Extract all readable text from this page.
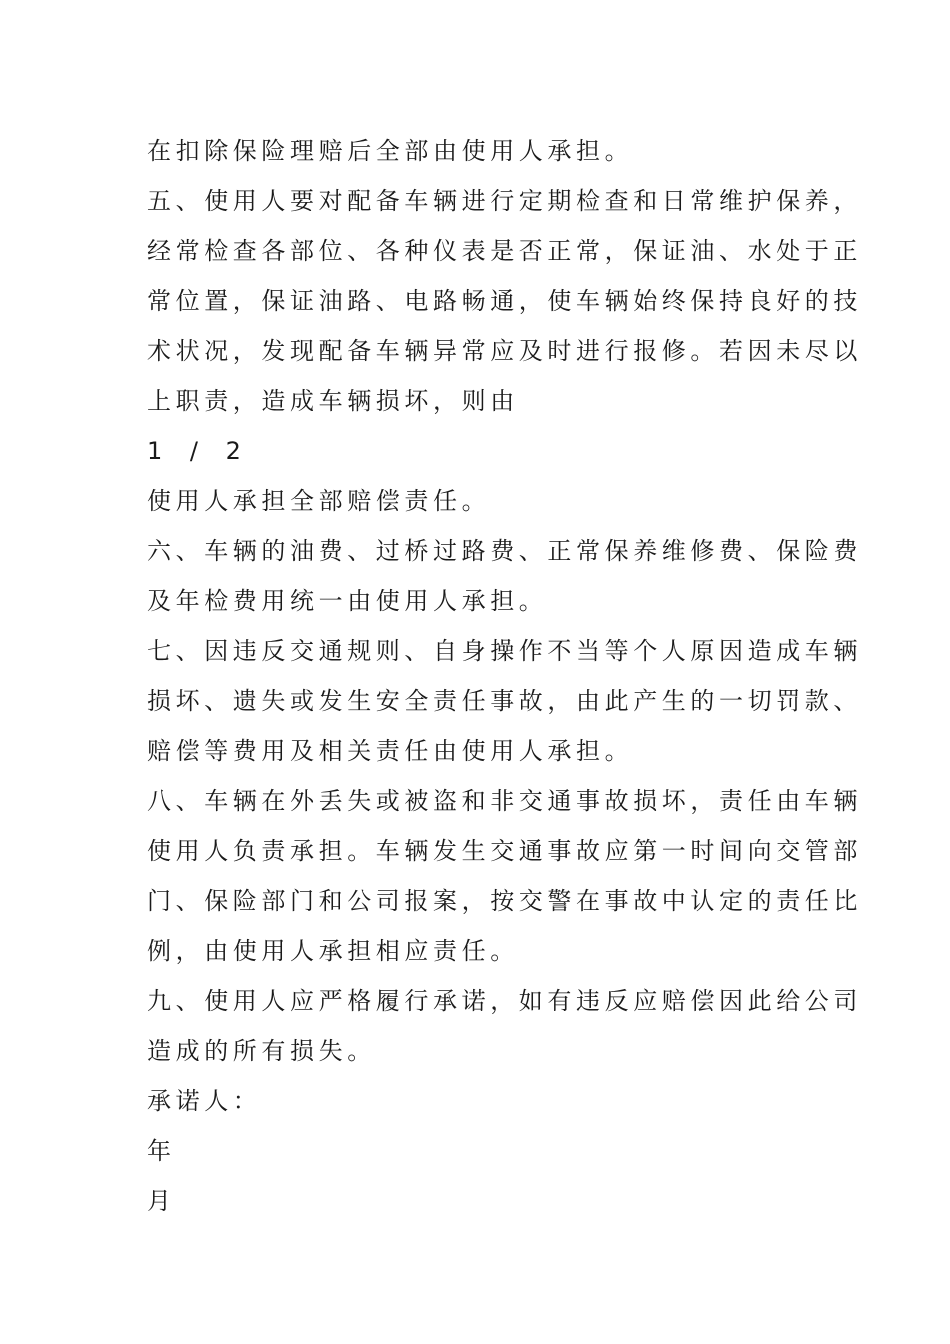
在扣除保险理赔后全部由使用人承担。
五、使用人要对配备车辆进行定期检查和日常维护保养，
经常检查各部位、各种仪表是否正常，保证油、水处于正
常位置，保证油路、电路畅通，使车辆始终保持良好的技
术状况，发现配备车辆异常应及时进行报修。若因未尽以
上职责，造成车辆损坏，则由
1 / 2
使用人承担全部赔偿责任。
六、车辆的油费、过桥过路费、正常保养维修费、保险费
及年检费用统一由使用人承担。
七、因违反交通规则、自身操作不当等个人原因造成车辆
损坏、遗失或发生安全责任事故，由此产生的一切罚款、
赔偿等费用及相关责任由使用人承担。
八、车辆在外丢失或被盗和非交通事故损坏，责任由车辆
使用人负责承担。车辆发生交通事故应第一时间向交管部
门、保险部门和公司报案，按交警在事故中认定的责任比
例，由使用人承担相应责任。
九、使用人应严格履行承诺，如有违反应赔偿因此给公司
造成的所有损失。
承诺人：
年
月
